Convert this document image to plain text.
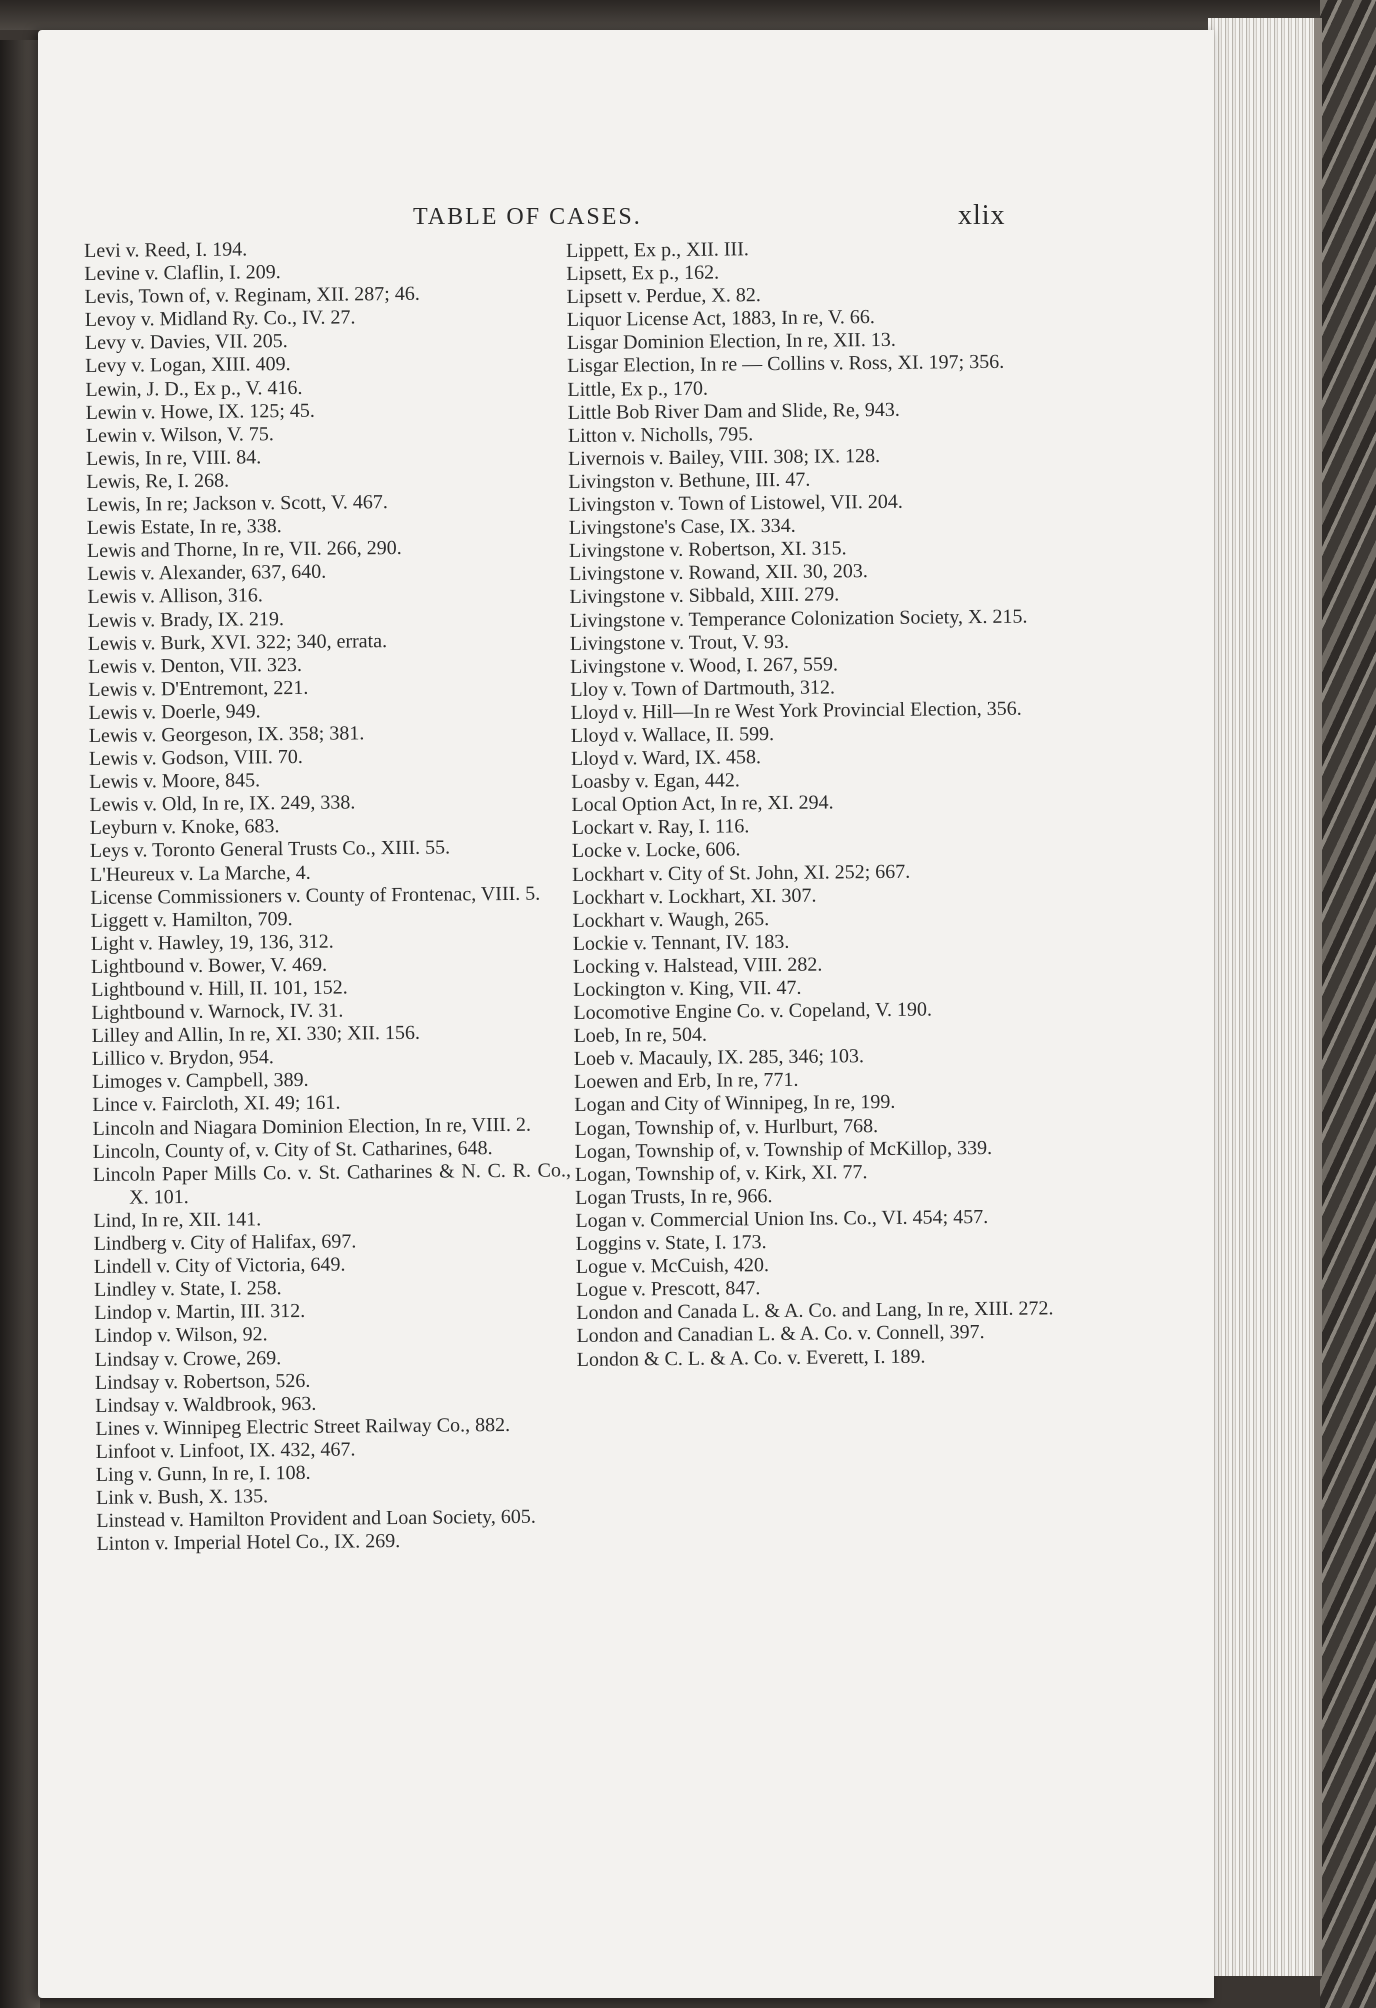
TABLE OF CASES.	xlix
Levi v. Reed, I. 194.
Levine v. Claflin, I. 209.
Levis, Town of, v. Reginam, XII. 287; 46.
Levoy v. Midland Ry. Co., IV. 27.
Levy v. Davies, VII. 205.
Levy v. Logan, XIII. 409.
Lewin, J. D., Ex p., V. 416.
Lewin v. Howe, IX. 125; 45.
Lewin v. Wilson, V. 75.
Lewis, In re, VIII. 84.
Lewis, Re, I. 268.
Lewis, In re; Jackson v. Scott, V. 467.
Lewis Estate, In re, 338.
Lewis and Thorne, In re, VII. 266, 290.
Lewis v. Alexander, 637, 640.
Lewis v. Allison, 316.
Lewis v. Brady, IX. 219.
Lewis v. Burk, XVI. 322; 340, errata.
Lewis v. Denton, VII. 323.
Lewis v. D'Entremont, 221.
Lewis v. Doerle, 949.
Lewis v. Georgeson, IX. 358; 381.
Lewis v. Godson, VIII. 70.
Lewis v. Moore, 845.
Lewis v. Old, In re, IX. 249, 338.
Leyburn v. Knoke, 683.
Leys v. Toronto General Trusts Co., XIII. 55.
L'Heureux v. La Marche, 4.
License Commissioners v. County of Frontenac, VIII. 5.
Liggett v. Hamilton, 709.
Light v. Hawley, 19, 136, 312.
Lightbound v. Bower, V. 469.
Lightbound v. Hill, II. 101, 152.
Lightbound v. Warnock, IV. 31.
Lilley and Allin, In re, XI. 330; XII. 156.
Lillico v. Brydon, 954.
Limoges v. Campbell, 389.
Lince v. Faircloth, XI. 49; 161.
Lincoln and Niagara Dominion Election, In re, VIII. 2.
Lincoln, County of, v. City of St. Catharines, 648.
Lincoln Paper Mills Co. v. St. Catharines & N. C. R. Co., X. 101.
Lind, In re, XII. 141.
Lindberg v. City of Halifax, 697.
Lindell v. City of Victoria, 649.
Lindley v. State, I. 258.
Lindop v. Martin, III. 312.
Lindop v. Wilson, 92.
Lindsay v. Crowe, 269.
Lindsay v. Robertson, 526.
Lindsay v. Waldbrook, 963.
Lines v. Winnipeg Electric Street Railway Co., 882.
Linfoot v. Linfoot, IX. 432, 467.
Ling v. Gunn, In re, I. 108.
Link v. Bush, X. 135.
Linstead v. Hamilton Provident and Loan Society, 605.
Linton v. Imperial Hotel Co., IX. 269.
Lippett, Ex p., XII. III.
Lipsett, Ex p., 162.
Lipsett v. Perdue, X. 82.
Liquor License Act, 1883, In re, V. 66.
Lisgar Dominion Election, In re, XII. 13.
Lisgar Election, In re — Collins v. Ross, XI. 197; 356.
Little, Ex p., 170.
Little Bob River Dam and Slide, Re, 943.
Litton v. Nicholls, 795.
Livernois v. Bailey, VIII. 308; IX. 128.
Livingston v. Bethune, III. 47.
Livingston v. Town of Listowel, VII. 204.
Livingstone's Case, IX. 334.
Livingstone v. Robertson, XI. 315.
Livingstone v. Rowand, XII. 30, 203.
Livingstone v. Sibbald, XIII. 279.
Livingstone v. Temperance Colonization Society, X. 215.
Livingstone v. Trout, V. 93.
Livingstone v. Wood, I. 267, 559.
Lloy v. Town of Dartmouth, 312.
Lloyd v. Hill—In re West York Provincial Election, 356.
Lloyd v. Wallace, II. 599.
Lloyd v. Ward, IX. 458.
Loasby v. Egan, 442.
Local Option Act, In re, XI. 294.
Lockart v. Ray, I. 116.
Locke v. Locke, 606.
Lockhart v. City of St. John, XI. 252; 667.
Lockhart v. Lockhart, XI. 307.
Lockhart v. Waugh, 265.
Lockie v. Tennant, IV. 183.
Locking v. Halstead, VIII. 282.
Lockington v. King, VII. 47.
Locomotive Engine Co. v. Copeland, V. 190.
Loeb, In re, 504.
Loeb v. Macauly, IX. 285, 346; 103.
Loewen and Erb, In re, 771.
Logan and City of Winnipeg, In re, 199.
Logan, Township of, v. Hurlburt, 768.
Logan, Township of, v. Township of McKillop, 339.
Logan, Township of, v. Kirk, XI. 77.
Logan Trusts, In re, 966.
Logan v. Commercial Union Ins. Co., VI. 454; 457.
Loggins v. State, I. 173.
Logue v. McCuish, 420.
Logue v. Prescott, 847.
London and Canada L. & A. Co. and Lang, In re, XIII. 272.
London and Canadian L. & A. Co. v. Connell, 397.
London & C. L. & A. Co. v. Everett, I. 189.
